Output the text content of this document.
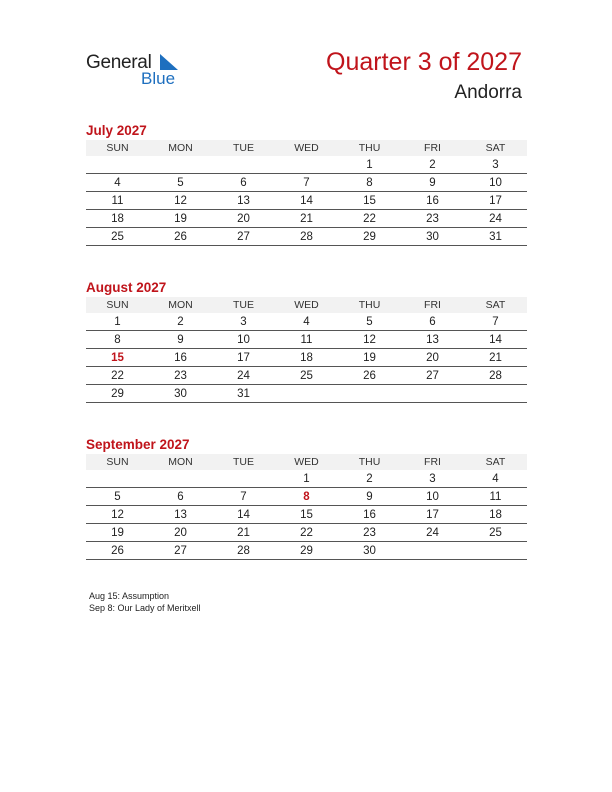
General
Blue
Quarter 3 of 2027
Andorra
July 2027
SUN	MON	TUE	WED	THU	FRI	SAT
				1	2	3
4	5	6	7	8	9	10
11	12	13	14	15	16	17
18	19	20	21	22	23	24
25	26	27	28	29	30	31
August 2027
SUN	MON	TUE	WED	THU	FRI	SAT
1	2	3	4	5	6	7
8	9	10	11	12	13	14
15	16	17	18	19	20	21
22	23	24	25	26	27	28
29	30	31				
September 2027
SUN	MON	TUE	WED	THU	FRI	SAT
			1	2	3	4
5	6	7	8	9	10	11
12	13	14	15	16	17	18
19	20	21	22	23	24	25
26	27	28	29	30		
Aug 15: Assumption
Sep 8: Our Lady of Meritxell
